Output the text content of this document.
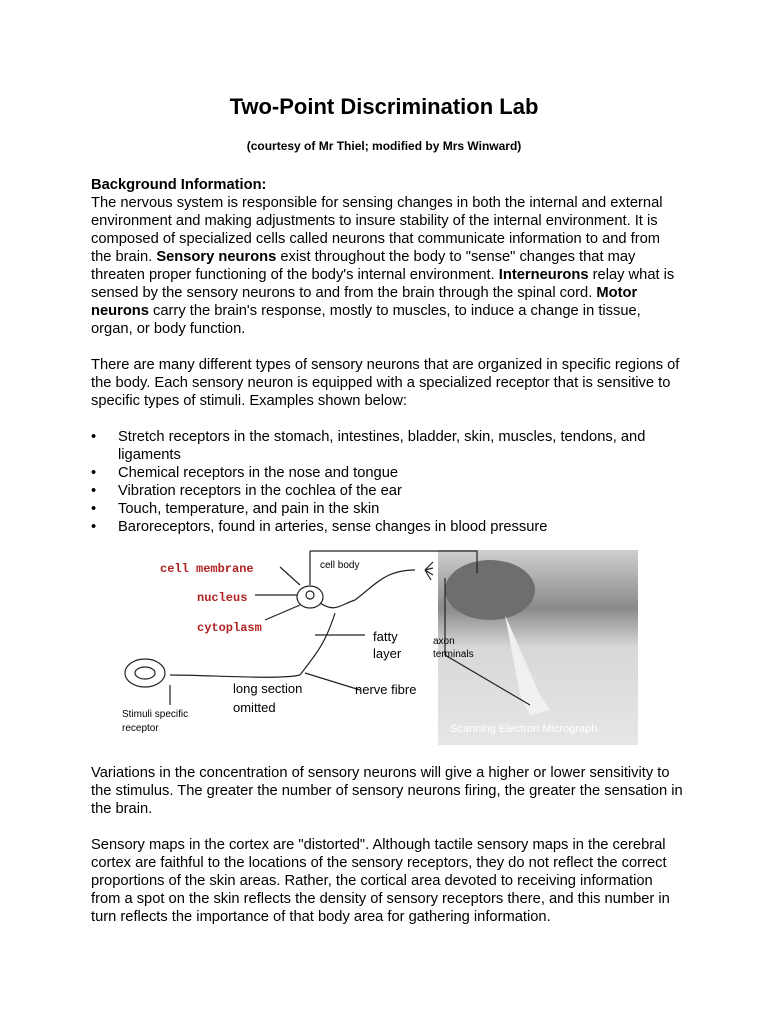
Two-Point Discrimination Lab
(courtesy of Mr Thiel; modified by Mrs Winward)

Background Information:

The nervous system is responsible for sensing changes in both the internal and external environment and making adjustments to insure stability of the internal environment. It is composed of specialized cells called neurons that communicate information to and from the brain. Sensory neurons exist throughout the body to "sense" changes that may threaten proper functioning of the body's internal environment. Interneurons relay what is sensed by the sensory neurons to and from the brain through the spinal cord. Motor neurons carry the brain's response, mostly to muscles, to induce a change in tissue, organ, or body function.

There are many different types of sensory neurons that are organized in specific regions of the body. Each sensory neuron is equipped with a specialized receptor that is sensitive to specific types of stimuli. Examples shown below:

• Stretch receptors in the stomach, intestines, bladder, skin, muscles, tendons, and ligaments
• Chemical receptors in the nose and tongue
• Vibration receptors in the cochlea of the ear
• Touch, temperature, and pain in the skin
• Baroreceptors, found in arteries, sense changes in blood pressure
Scanning Electron Micrograph
cell membrane
nucleus
cytoplasm
cell body
fatty
layer
axon
terminals
long section
omitted
nerve fibre
Stimuli specific
receptor

Variations in the concentration of sensory neurons will give a higher or lower sensitivity to the stimulus. The greater the number of sensory neurons firing, the greater the sensation in the brain.

Sensory maps in the cortex are "distorted". Although tactile sensory maps in the cerebral cortex are faithful to the locations of the sensory receptors, they do not reflect the correct proportions of the skin areas. Rather, the cortical area devoted to receiving information from a spot on the skin reflects the density of sensory receptors there, and this number in turn reflects the importance of that body area for gathering information.
